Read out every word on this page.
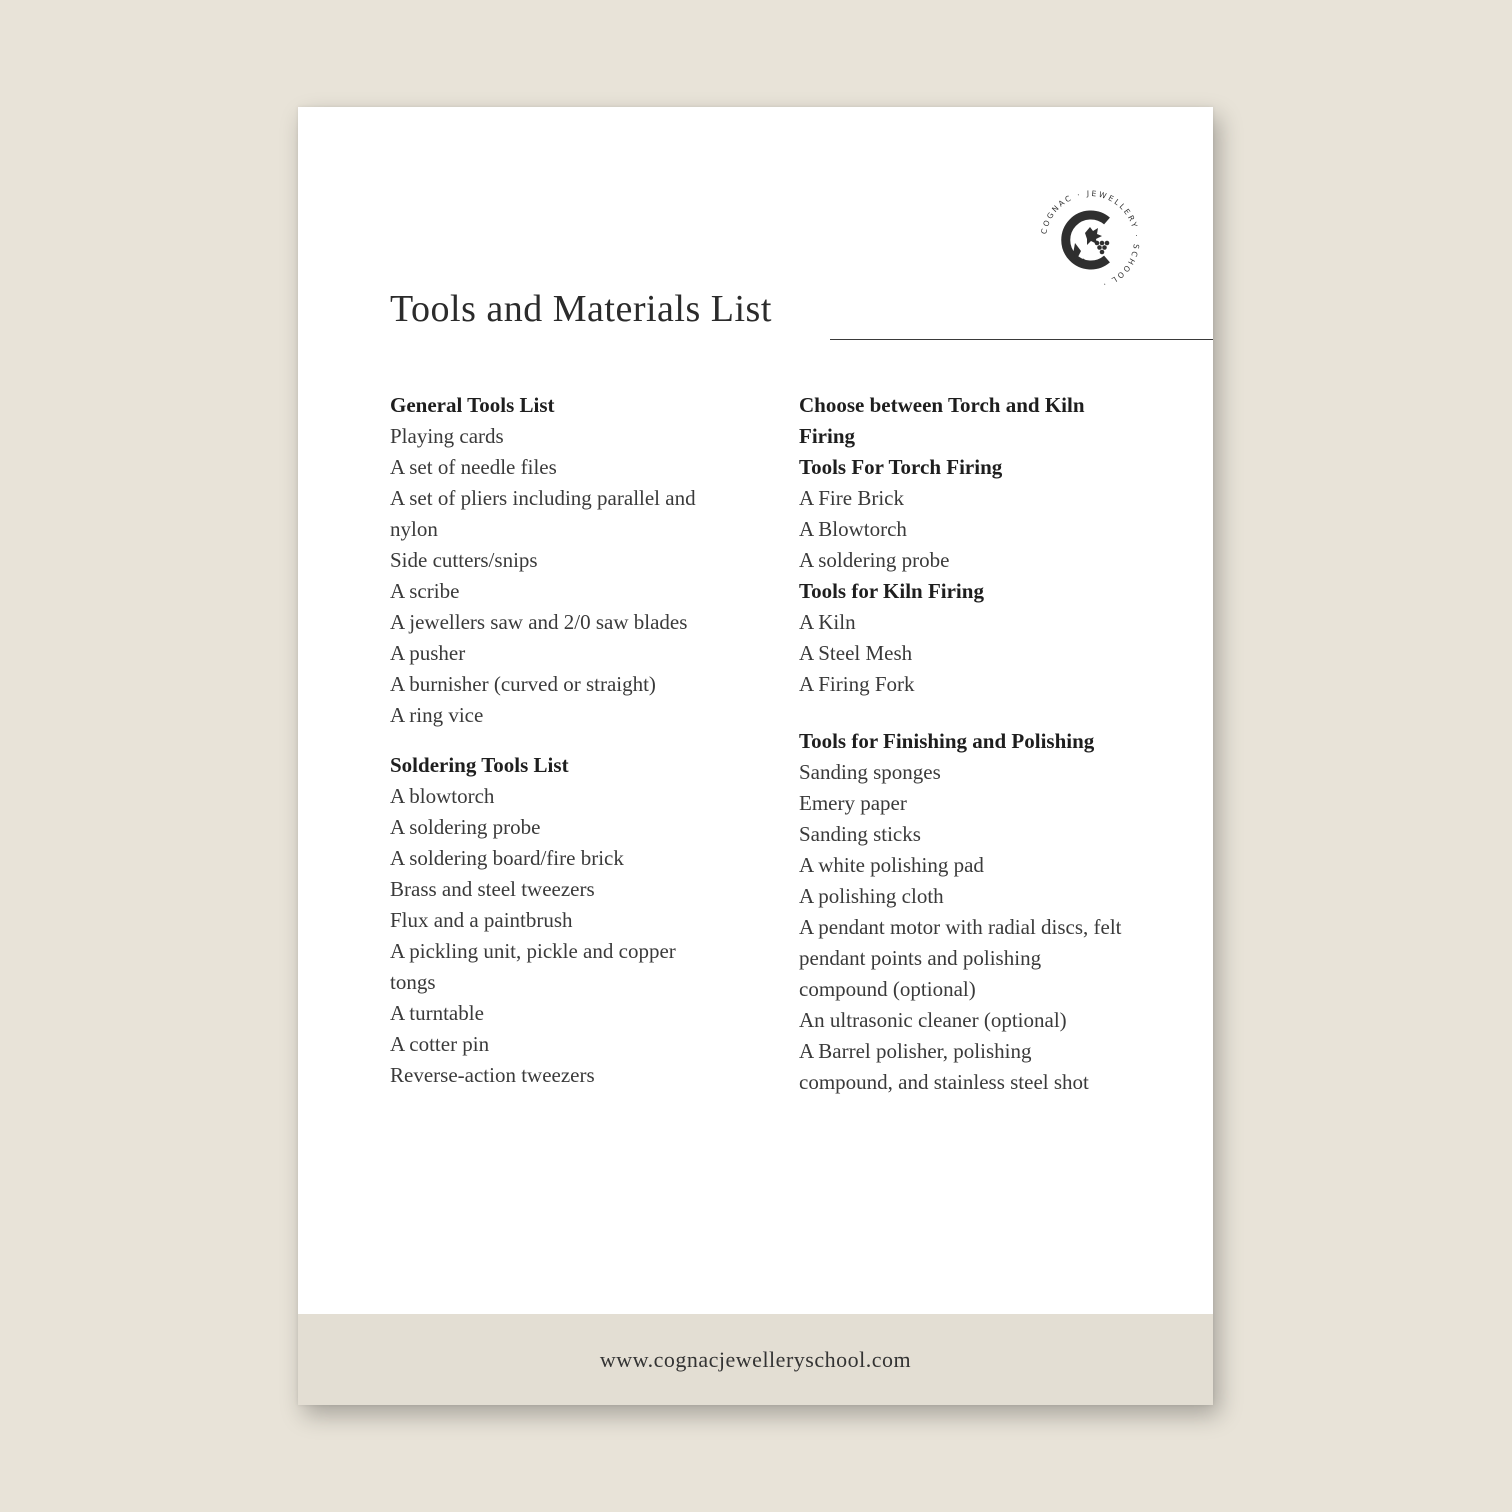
COGNAC · JEWELLERY · SCHOOL ·
Tools and Materials List
General Tools List
Playing cards
A set of needle files
A set of pliers including parallel and nylon
Side cutters/snips
A scribe
A jewellers saw and 2/0 saw blades
A pusher
A burnisher (curved or straight)
A ring vice
Soldering Tools List
A blowtorch
A soldering probe
A soldering board/fire brick
Brass and steel tweezers
Flux and a paintbrush
A pickling unit, pickle and copper tongs
A turntable
A cotter pin
Reverse-action tweezers
Choose between Torch and Kiln Firing
Tools For Torch Firing
A Fire Brick
A Blowtorch
A soldering probe
Tools for Kiln Firing
A Kiln
A Steel Mesh
A Firing Fork
Tools for Finishing and Polishing
Sanding sponges
Emery paper
Sanding sticks
A white polishing pad
A polishing cloth
A pendant motor with radial discs, felt pendant points and polishing compound (optional)
An ultrasonic cleaner (optional)
A Barrel polisher, polishing compound, and stainless steel shot
www.cognacjewelleryschool.com
